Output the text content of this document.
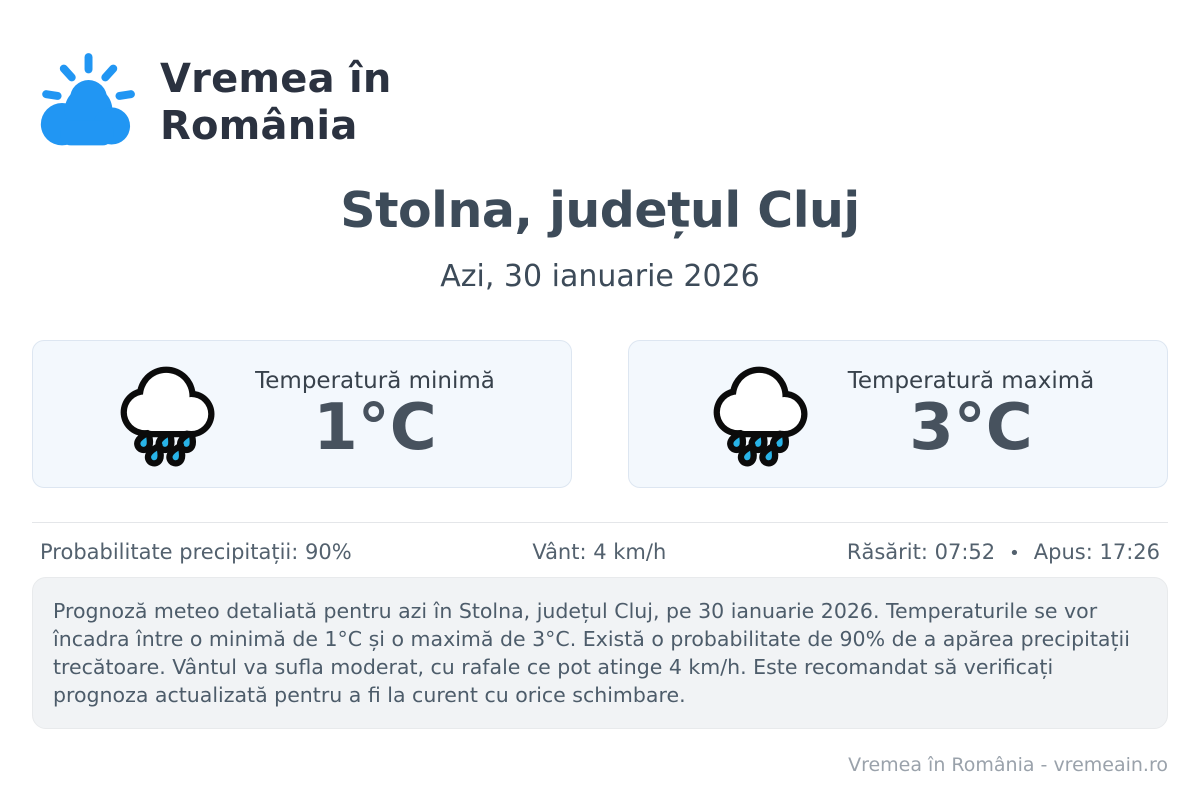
Vremea în
România
Stolna, județul Cluj
Azi, 30 ianuarie 2026
Temperatură minimă
1°C
Temperatură maximă
3°C
Probabilitate precipitații: 90%	Vânt: 4 km/h	Răsărit: 07:52 • Apus: 17:26
Prognoză meteo detaliată pentru azi în Stolna, județul Cluj, pe 30 ianuarie 2026. Temperaturile se vor încadra între o minimă de 1°C și o maximă de 3°C. Există o probabilitate de 90% de a apărea precipitații trecătoare. Vântul va sufla moderat, cu rafale ce pot atinge 4 km/h. Este recomandat să verificați prognoza actualizată pentru a fi la curent cu orice schimbare.
Vremea în România - vremeain.ro
